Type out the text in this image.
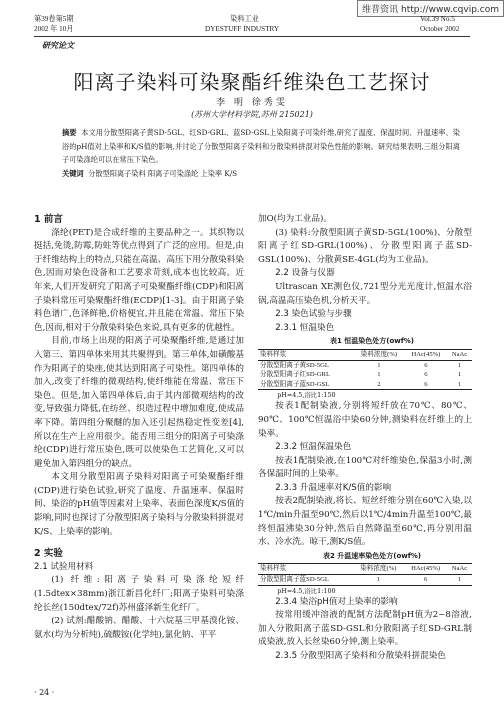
维普资讯 http://www.cqvip.com
第39卷第5期	染料工业	Vol.39 No.5
2002 年 10月	DYESTUFF INDUSTRY	October 2002
研究论文
阳离子染料可染聚酯纤维染色工艺探讨
李 明 徐秀雯
(苏州大学材料学院,苏州 215021)
摘要 本文用分散型阳离子黄SD-5GL、红SD-GRL、蓝SD-GSL上染阳离子可染纤维,研究了温度、保温时间、升温速率、染浴的pH值对上染率和K/S值的影响,并讨论了分散型阳离子染料和分散染料拼混对染色性能的影响。研究结果表明,三组分阳离子可染涤纶可以在常压下染色。
关键词 分散型阳离子染料 阳离子可染涤纶 上染率 K/S

1 前言

涤纶(PET)是合成纤维的主要品种之一。其织物以挺括,免烫,防霉,防蛀等优点得到了广泛的应用。但是,由于纤维结构上的特点,只能在高温、高压下用分散染料染色,因而对染色设备和工艺要求苛刻,成本也比较高。近年来,人们开发研究了阳离子可染聚酯纤维(CDP)和阳离子染料常压可染聚酯纤维(ECDP)[1-3]。由于阳离子染料色谱广,色泽鲜艳,价格便宜,并且能在常温、常压下染色,因而,相对于分散染料染色来说,具有更多的优越性。

目前,市场上出现的阳离子可染聚酯纤维,是通过加入第三、第四单体来用其共聚得到。第三单体,如磺酸基作为阳离子的染座,使其达到阳离子可染性。第四单体的加入,改变了纤维的微观结构,使纤维能在常温、常压下染色。但是,加入第四单体后,由于其内部微观结构的改变,导致强力降低,在纺丝、织造过程中增加难度,使成品率下降。第四组分聚醚的加入还引起热稳定性变差[4],所以在生产上应用很少。能否用三组分的阳离子可染涤纶(CDP)进行常压染色,既可以使染色工艺简化,又可以避免加入第四组分的缺点。

本文用分散型阳离子染料对阳离子可染聚酯纤维(CDP)进行染色试验,研究了温度、升温速率、保温时间、染浴的pH值等因素对上染率、表面色深度K/S值的影响,同时也探讨了分散型阳离子染料与分散染料拼混对K/S、上染率的影响。

2 实验

2.1 试验用材料

(1) 纤维:阳离子染料可染涤纶短纤(1.5dtex×38mm)浙江新昌化纤厂;阳离子染料可染涤纶长丝(150dtex/72f)苏州盛泽新生化纤厂。

(2) 试剂:醋酸钠、醋酸、十六烷基三甲基溴化铵、氨水(均为分析纯),硫酸铵(化学纯),氯化钠、平平

加O(均为工业品)。

(3) 染料:分散型阳离子黄SD-5GL(100%)、分散型阳离子红SD-GRL(100%)、分散型阳离子蓝SD-GSL(100%)、分散黄SE-4GL(均为工业品)。

2.2 设备与仪器

Ultrascan XE测色仪,721型分光光度计,恒温水浴锅,高温高压染色机,分析天平。

2.3 染色试验与步骤

2.3.1 恒温染色

表1 恒温染色处方(owf%)

染料样浆	染料浓度(%)	HAc(45%)	NaAc
分散型阳离子黄SD-5GL	1	6	1
分散型阳离子红SD-GRL	1	6	1
分散型阳离子蓝SD-GSL	2	6	1

pH=4.5,浴比1:150

按表1配制染液,分别将短纤放在70℃、80℃、90℃、100℃恒温浴中染60分钟,测染料在纤维上的上染率。

2.3.2 恒温保温染色

按表1配制染液,在100℃对纤维染色,保温3小时,测各保温时间的上染率。

2.3.3 升温速率对K/S值的影响

按表2配制染液,将长、短丝纤维分别在60℃入染,以1℃/min升温至90℃,然后以1℃/4min升温至100℃,最终恒温沸染30分钟,然后自然降温至60℃,再分别用温水、冷水洗。晾干,测K/S值。

表2 升温速率染色处方(owf%)

染料样浆	染料浓度(%)	HAc(45%)	NaAc
分散型阳离子蓝SD-5GL	1	6	1

pH=4.5,浴比1:100

2.3.4 染浴pH值对上染率的影响

按常用缓冲溶液的配制方法配制pH值为2~8溶液,加入分散阳离子蓝SD-GSL和分散阳离子红SD-GRL制成染液,放入长丝染60分钟,测上染率。

2.3.5 分散型阳离子染料和分散染料拼混染色

· 24 ·
